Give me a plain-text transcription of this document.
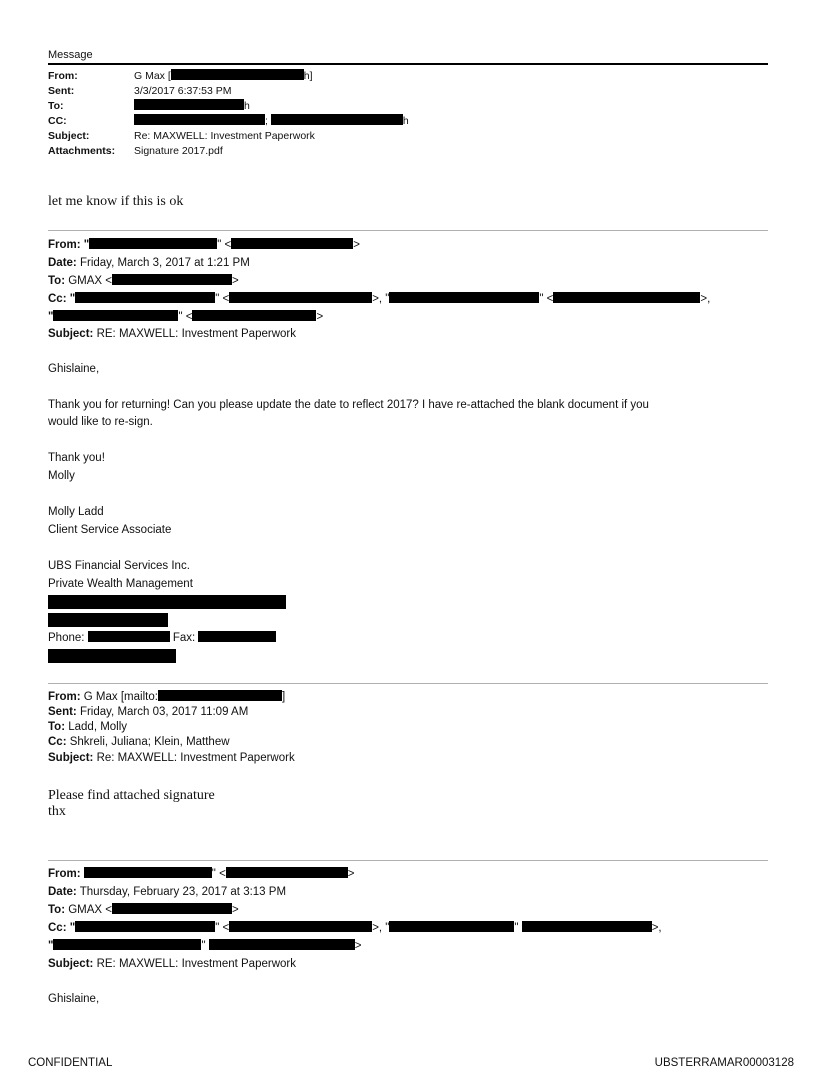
Message
From:	G Max [	h]
Sent:	3/3/2017 6:37:53 PM
To:	h
CC:	;	h
Subject:	Re: MAXWELL: Investment Paperwork
Attachments: Signature 2017.pdf
let me know if this is ok
From: "	" <	>
Date: Friday, March 3, 2017 at 1:21 PM
To: GMAX <	>
Cc: "	" <	>, "	" <	>,
"	" <	>
Subject: RE: MAXWELL: Investment Paperwork
Ghislaine,
Thank you for returning! Can you please update the date to reflect 2017? I have re-attached the blank document if you
would like to re-sign.
Thank you!
Molly
Molly Ladd
Client Service Associate
UBS Financial Services Inc.
Private Wealth Management
Phone:	Fax:
From: G Max [mailto:	]
Sent: Friday, March 03, 2017 11:09 AM
To: Ladd, Molly
Cc: Shkreli, Juliana; Klein, Matthew
Subject: Re: MAXWELL: Investment Paperwork
Please find attached signature
thx
From:	" <	>
Date: Thursday, February 23, 2017 at 3:13 PM
To: GMAX <	>
Cc: "	" <	>, "	"	>,
"	"	>
Subject: RE: MAXWELL: Investment Paperwork
Ghislaine,
CONFIDENTIAL	UBSTERRAMAR00003128
